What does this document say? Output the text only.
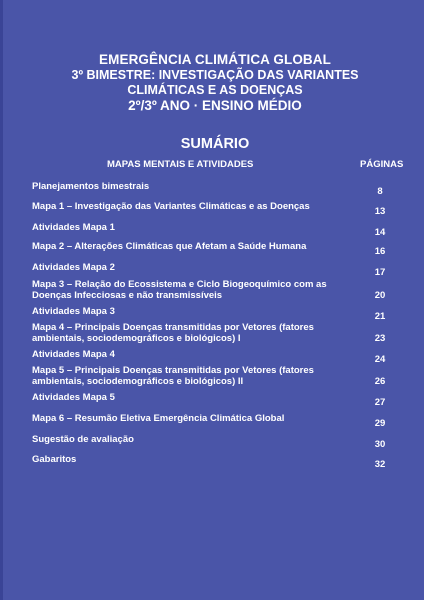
EMERGÊNCIA CLIMÁTICA GLOBAL
3º BIMESTRE: INVESTIGAÇÃO DAS VARIANTES
CLIMÁTICAS E AS DOENÇAS
2º/3º ANO · ENSINO MÉDIO
SUMÁRIO
MAPAS MENTAIS E ATIVIDADES	PÁGINAS
Planejamentos bimestrais	8
Mapa 1 – Investigação das Variantes Climáticas e as Doenças	13
Atividades Mapa 1	14
Mapa 2 – Alterações Climáticas que Afetam a Saúde Humana	16
Atividades Mapa 2	17
Mapa 3 – Relação do Ecossistema e Ciclo Biogeoquímico com as Doenças Infecciosas e não transmissíveis	20
Atividades Mapa 3	21
Mapa 4 – Principais Doenças transmitidas por Vetores (fatores ambientais, sociodemográficos e biológicos) I	23
Atividades Mapa 4	24
Mapa 5 – Principais Doenças transmitidas por Vetores (fatores ambientais, sociodemográficos e biológicos) II	26
Atividades Mapa 5	27
Mapa 6 – Resumão Eletiva Emergência Climática Global	29
Sugestão de avaliação	30
Gabaritos	32
